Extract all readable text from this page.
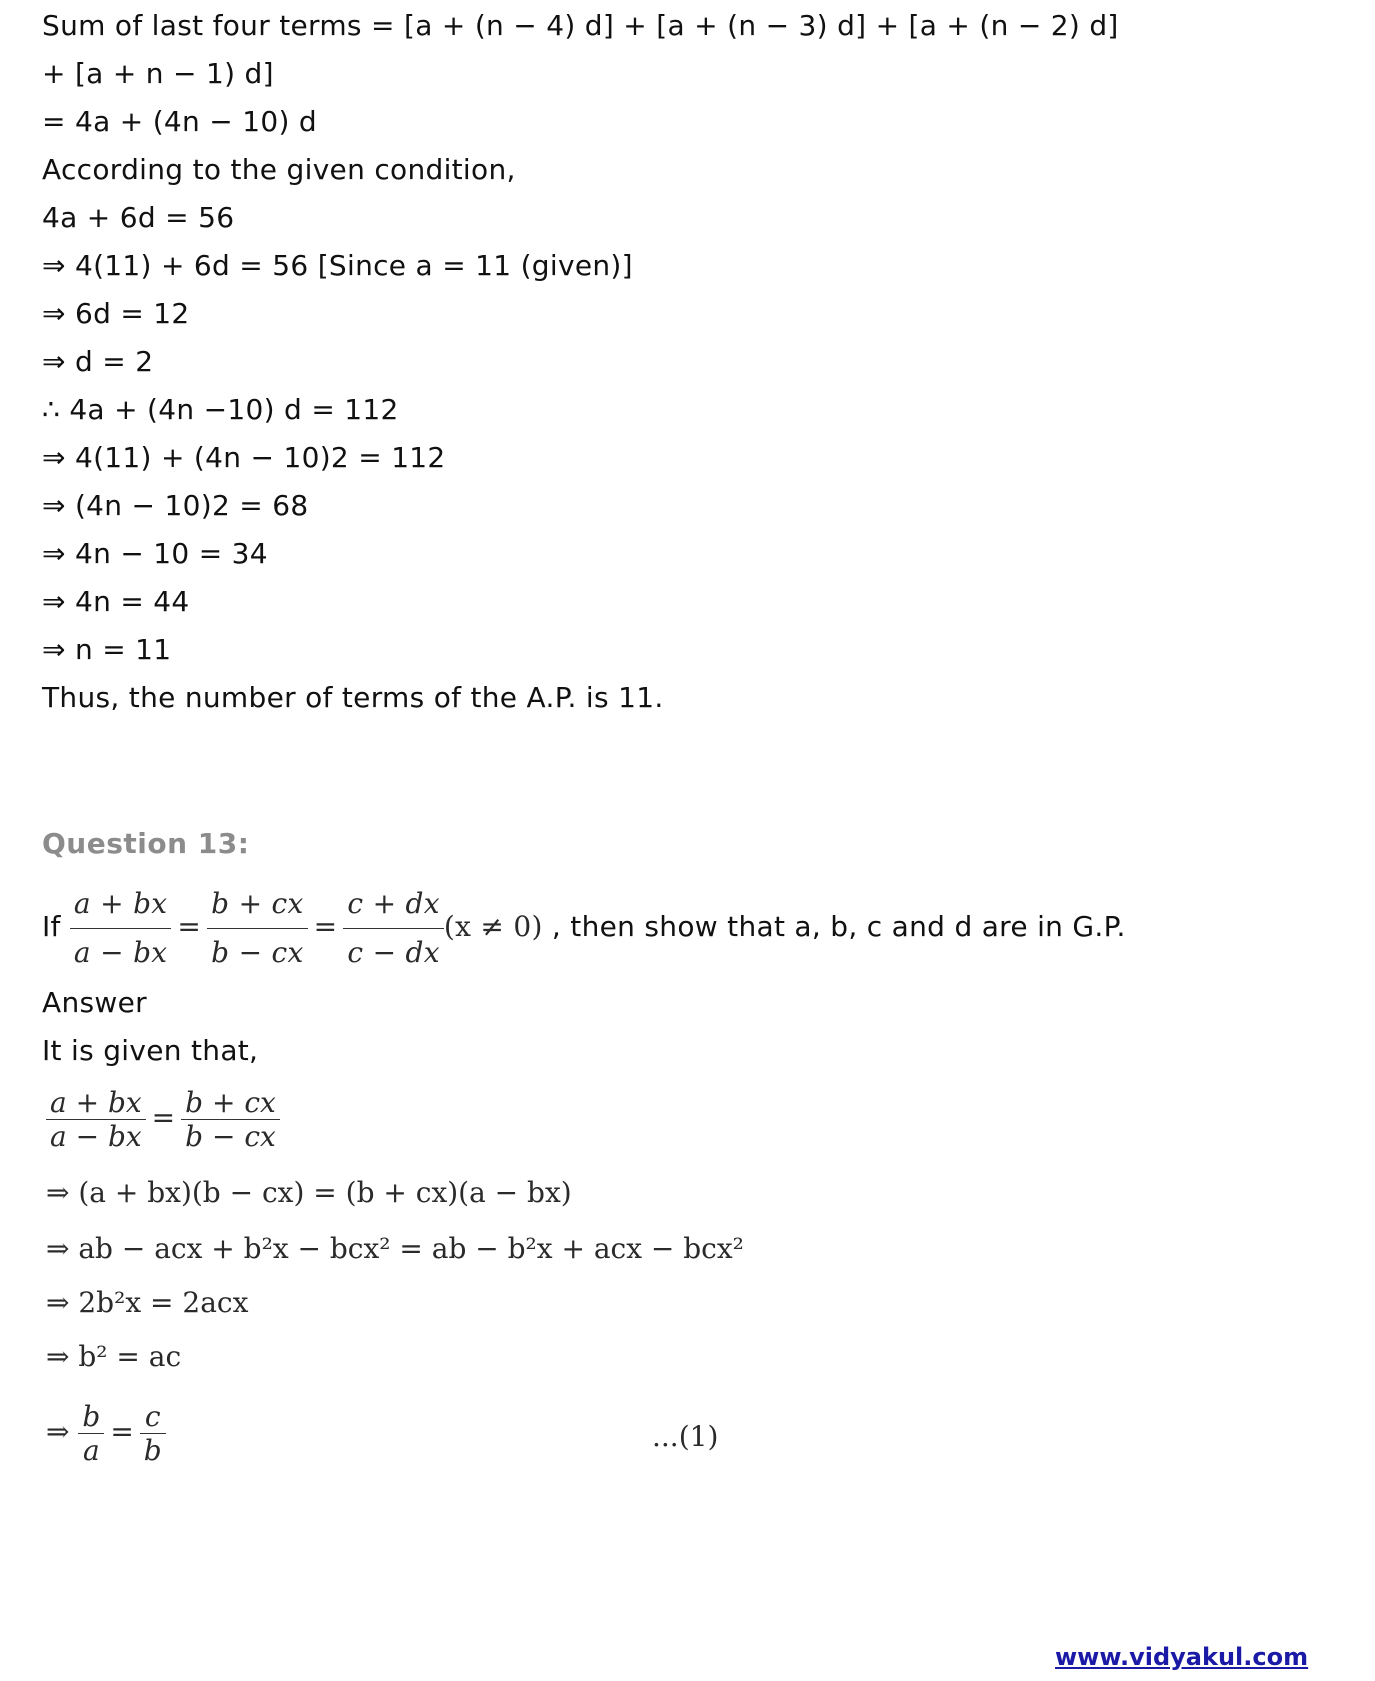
Sum of last four terms = [a + (n − 4) d] + [a + (n − 3) d] + [a + (n − 2) d]
+ [a + n − 1) d]
= 4a + (4n − 10) d
According to the given condition,
4a + 6d = 56
⇒ 4(11) + 6d = 56 [Since a = 11 (given)]
⇒ 6d = 12
⇒ d = 2
∴ 4a + (4n −10) d = 112
⇒ 4(11) + (4n − 10)2 = 112
⇒ (4n − 10)2 = 68
⇒ 4n − 10 = 34
⇒ 4n = 44
⇒ n = 11
Thus, the number of terms of the A.P. is 11.
Question 13:
If $\frac{a + bx}{a - bx} = \frac{b + cx}{b - cx} = \frac{c + dx}{c - dx} (x \ne 0)$ , then show that a, b, c and d are in G.P.
Answer
It is given that,
$\frac{a + bx}{a - bx} = \frac{b + cx}{b - cx}$
⇒ (a + bx)(b − cx) = (b + cx)(a − bx)
⇒ ab − acx + b²x − bcx² = ab − b²x + acx − bcx²
⇒ 2b²x = 2acx
⇒ b² = ac
⇒ $\frac{b}{a} = \frac{c}{b}$	...(1)
www.vidyakul.com
